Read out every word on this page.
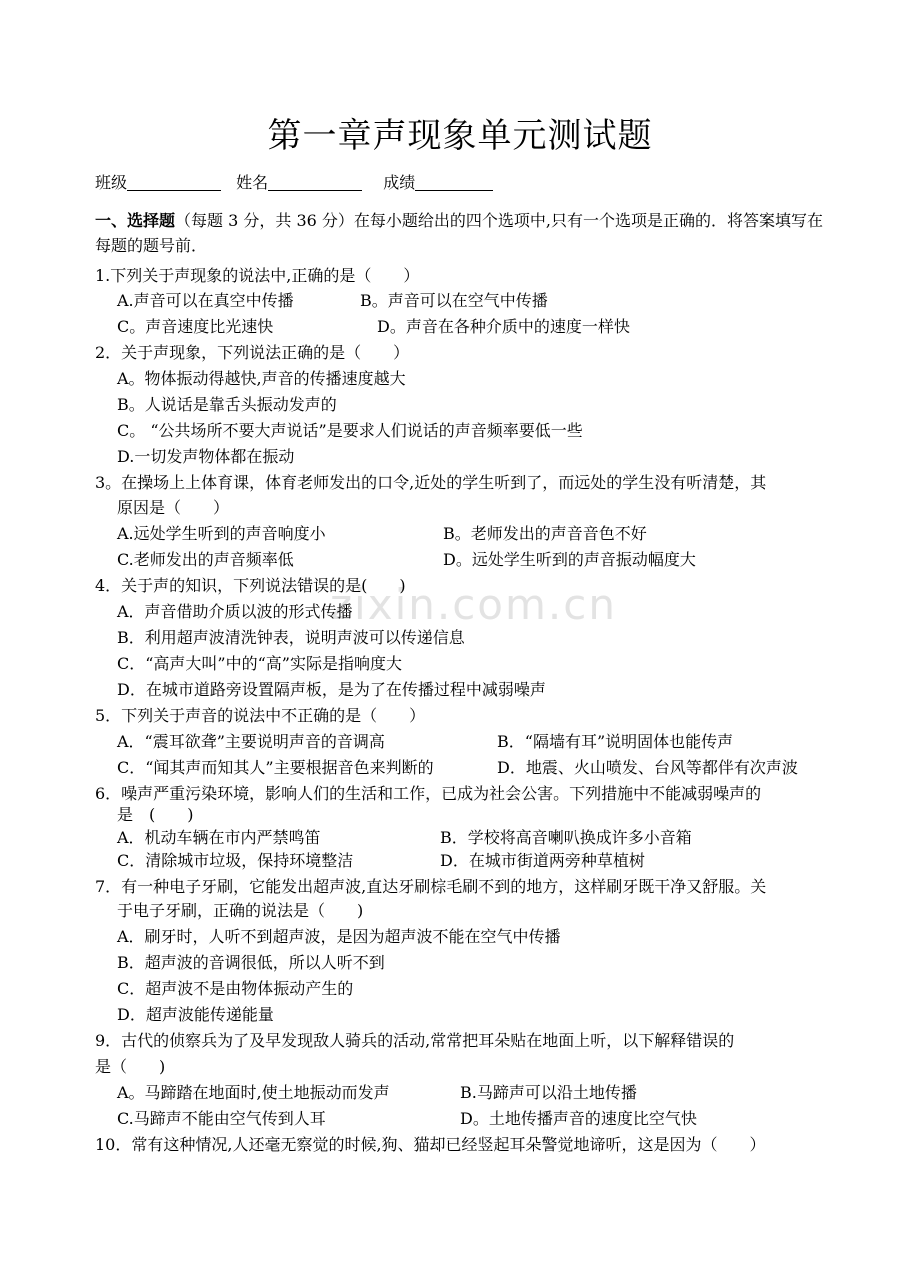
第一章声现象单元测试题
班级	姓名	成绩
一、选择题（每题 3 分，共 36 分）在每小题给出的四个选项中,只有一个选项是正确的．将答案填写在每题的题号前．
zixin.com.cn
1.下列关于声现象的说法中,正确的是（　　）
A.声音可以在真空中传播	B。声音可以在空气中传播
C。声音速度比光速快	D。声音在各种介质中的速度一样快
2．关于声现象，下列说法正确的是（　　）
A。物体振动得越快,声音的传播速度越大
B。人说话是靠舌头振动发声的
C。 “公共场所不要大声说话”是要求人们说话的声音频率要低一些
D.一切发声物体都在振动
3。在操场上上体育课，体育老师发出的口令,近处的学生听到了，而远处的学生没有听清楚，其
原因是（　　）
A.远处学生听到的声音响度小	B。老师发出的声音音色不好
C.老师发出的声音频率低	D。远处学生听到的声音振动幅度大
4．关于声的知识，下列说法错误的是(　　)
A．声音借助介质以波的形式传播
B．利用超声波清洗钟表，说明声波可以传递信息
C．“高声大叫”中的“高”实际是指响度大
D．在城市道路旁设置隔声板，是为了在传播过程中减弱噪声
5．下列关于声音的说法中不正确的是（　　）
A．“震耳欲聋”主要说明声音的音调高	B．“隔墙有耳”说明固体也能传声
C．“闻其声而知其人”主要根据音色来判断的	D．地震、火山喷发、台风等都伴有次声波
6．噪声严重污染环境，影响人们的生活和工作，已成为社会公害。下列措施中不能减弱噪声的
是　(　　)
A．机动车辆在市内严禁鸣笛	B．学校将高音喇叭换成许多小音箱
C．清除城市垃圾，保持环境整洁	D．在城市街道两旁种草植树
7．有一种电子牙刷，它能发出超声波,直达牙刷棕毛刷不到的地方，这样刷牙既干净又舒服。关
于电子牙刷，正确的说法是（　　)
A．刷牙时，人听不到超声波，是因为超声波不能在空气中传播
B．超声波的音调很低，所以人听不到
C．超声波不是由物体振动产生的
D．超声波能传递能量
9．古代的侦察兵为了及早发现敌人骑兵的活动,常常把耳朵贴在地面上听，以下解释错误的
是（　　)
A。马蹄踏在地面时,使土地振动而发声	B.马蹄声可以沿土地传播
C.马蹄声不能由空气传到人耳	D。土地传播声音的速度比空气快
10．常有这种情况,人还毫无察觉的时候,狗、猫却已经竖起耳朵警觉地谛听，这是因为（　　）
